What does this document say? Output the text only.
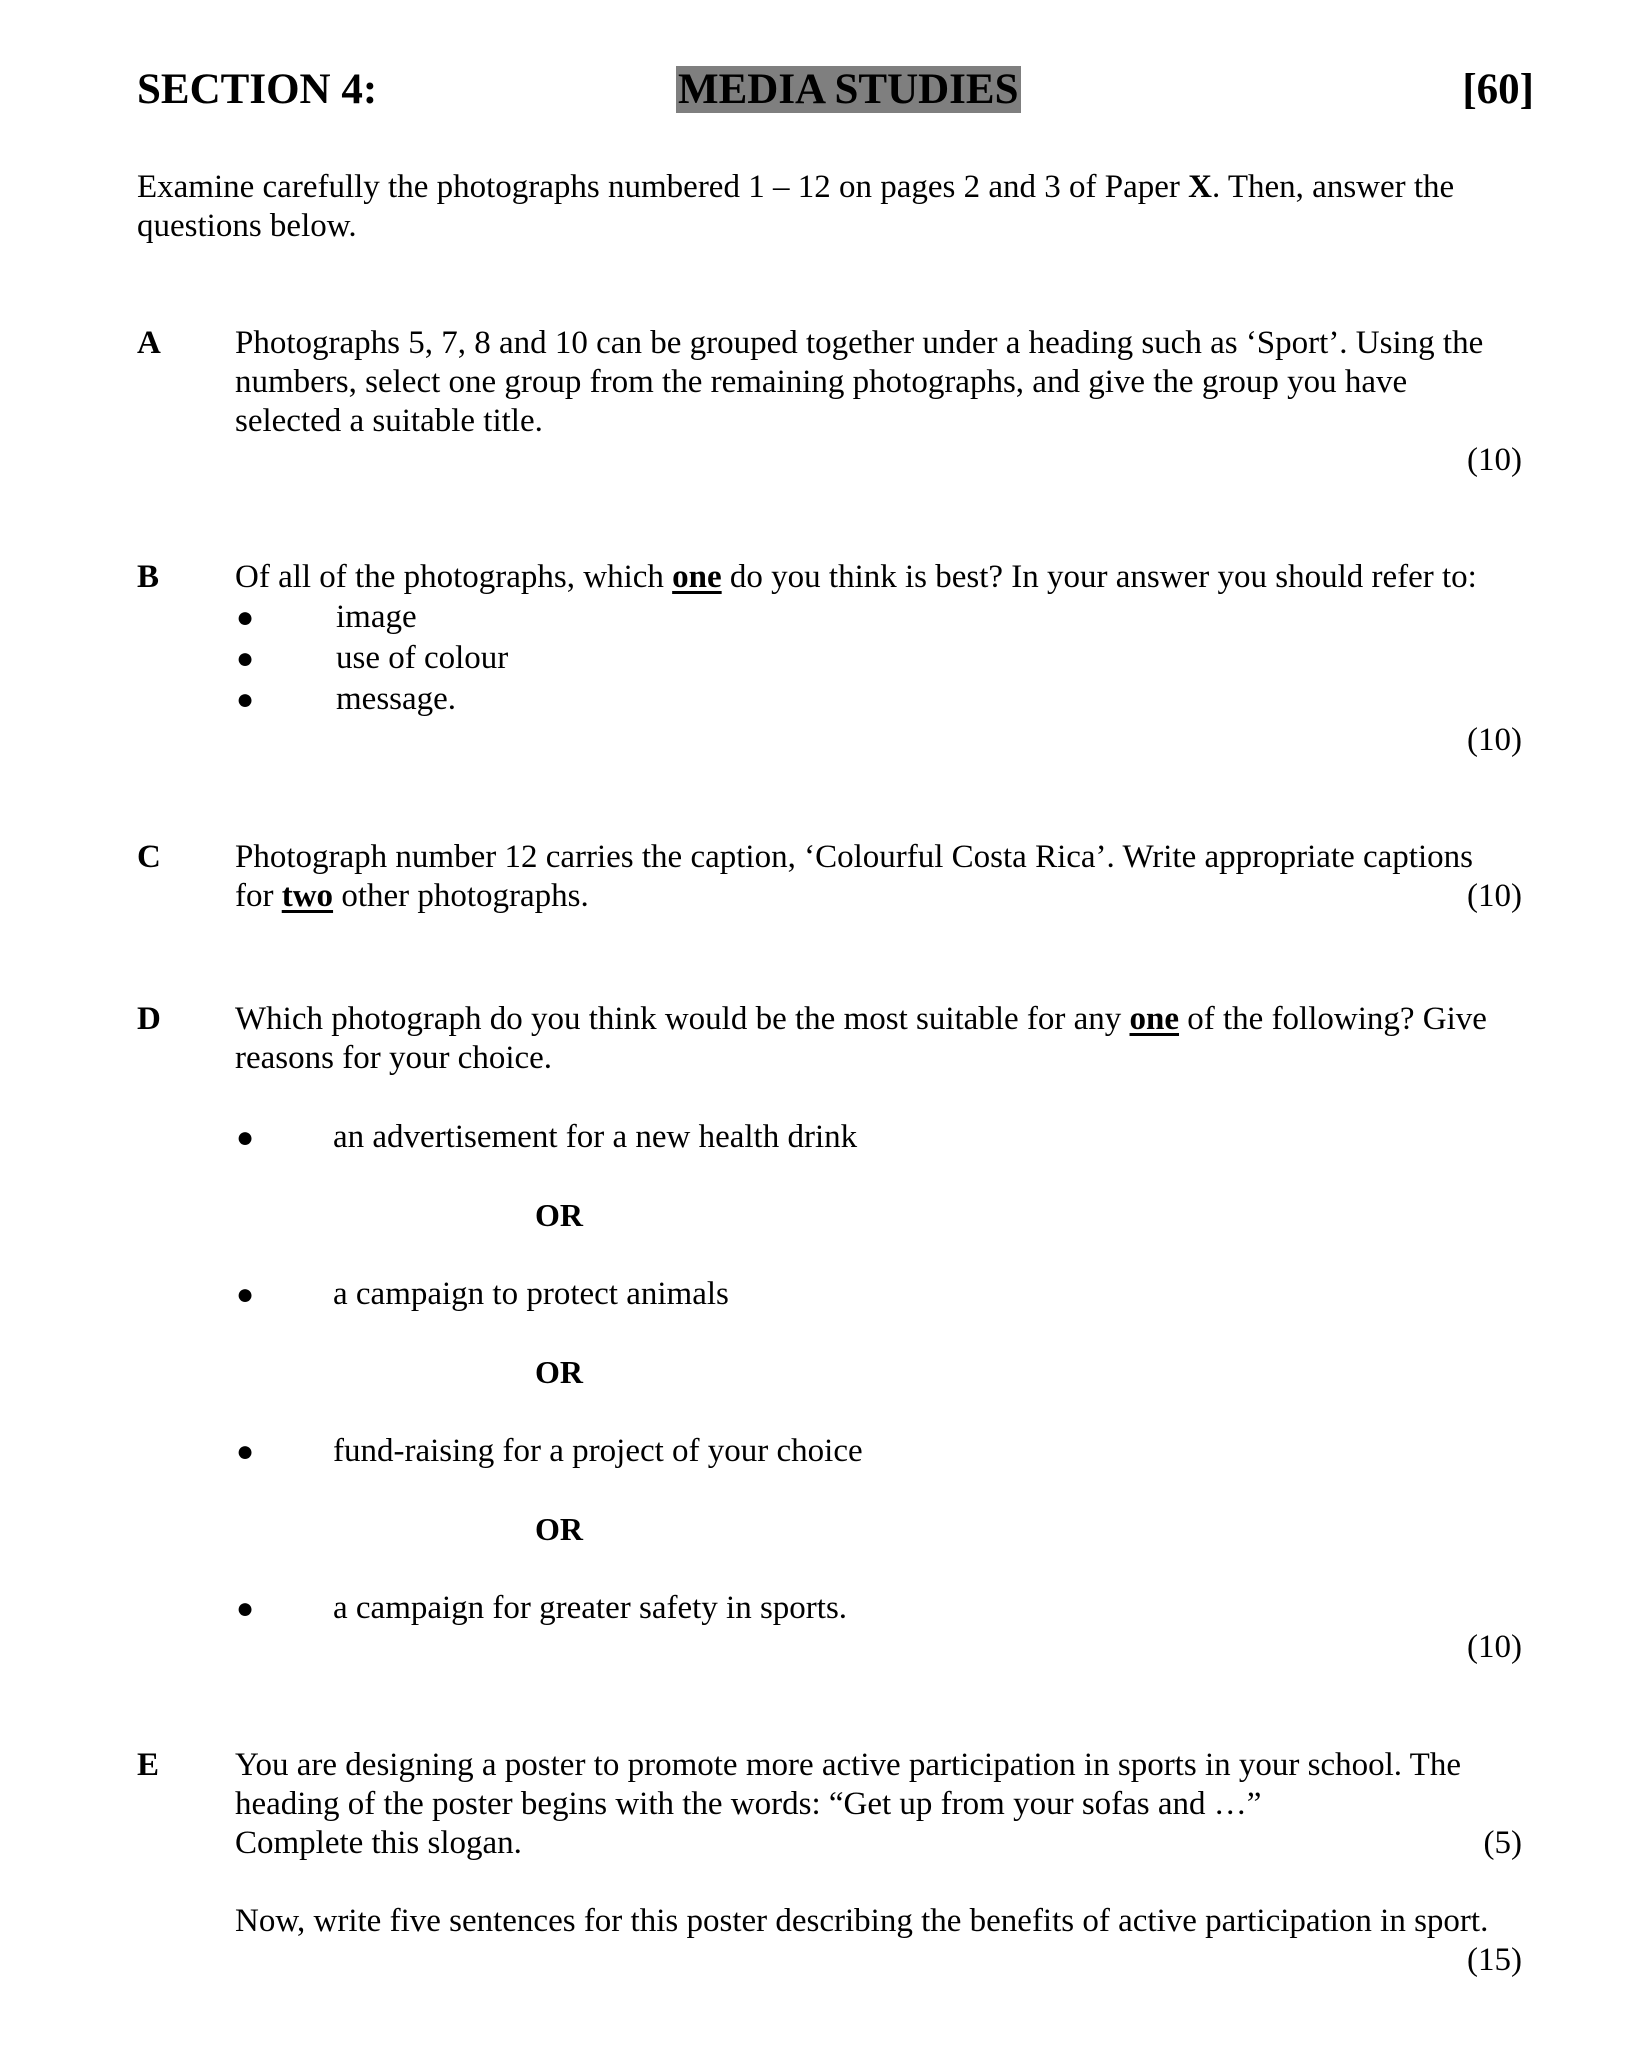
SECTION 4:	MEDIA STUDIES	[60]
Examine carefully the photographs numbered 1 – 12 on pages 2 and 3 of Paper X. Then, answer the
questions below.
A Photographs 5, 7, 8 and 10 can be grouped together under a heading such as ‘Sport’. Using the
numbers, select one group from the remaining photographs, and give the group you have
selected a suitable title.
(10)
B Of all of the photographs, which one do you think is best? In your answer you should refer to:
● image
● use of colour
● message.
(10)
C Photograph number 12 carries the caption, ‘Colourful Costa Rica’. Write appropriate captions
for two other photographs.	(10)
D Which photograph do you think would be the most suitable for any one of the following? Give
reasons for your choice.
● an advertisement for a new health drink
OR
● a campaign to protect animals
OR
● fund-raising for a project of your choice
OR
● a campaign for greater safety in sports.
(10)
E You are designing a poster to promote more active participation in sports in your school. The
heading of the poster begins with the words: “Get up from your sofas and …”
Complete this slogan.	(5)
Now, write five sentences for this poster describing the benefits of active participation in sport.
(15)
